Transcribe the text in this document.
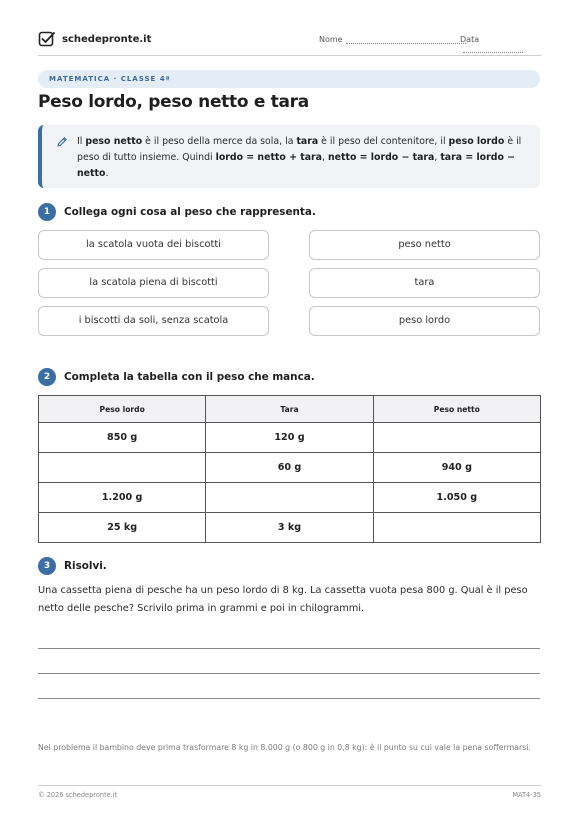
schedepronte.it	Nome	Data
MATEMATICA · CLASSE 4ª
Peso lordo, peso netto e tara
Il peso netto è il peso della merce da sola, la tara è il peso del contenitore, il peso lordo è il peso di tutto insieme. Quindi lordo = netto + tara, netto = lordo − tara, tara = lordo − netto.
1	Collega ogni cosa al peso che rappresenta.
la scatola vuota dei biscotti
la scatola piena di biscotti
i biscotti da soli, senza scatola
peso netto
tara
peso lordo
2	Completa la tabella con il peso che manca.
Peso lordo	Tara	Peso netto
850 g	120 g	
	60 g	940 g
1.200 g		1.050 g
25 kg	3 kg	
3	Risolvi.
Una cassetta piena di pesche ha un peso lordo di 8 kg. La cassetta vuota pesa 800 g. Qual è il peso netto delle pesche? Scrivilo prima in grammi e poi in chilogrammi.
Nel problema il bambino deve prima trasformare 8 kg in 8.000 g (o 800 g in 0,8 kg): è il punto su cui vale la pena soffermarsi.
© 2026 schedepronte.it	MAT4-35
